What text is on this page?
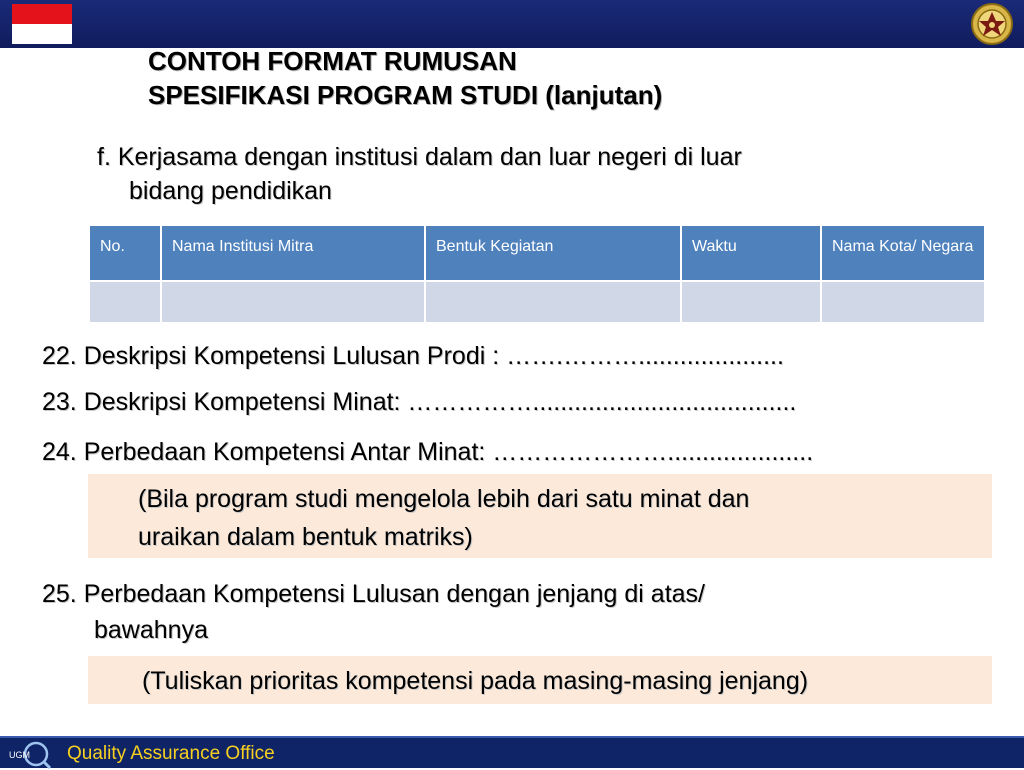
CONTOH FORMAT RUMUSAN
SPESIFIKASI PROGRAM STUDI (lanjutan)
f. Kerjasama dengan institusi dalam dan luar negeri di luar
bidang pendidikan
No.	Nama Institusi Mitra	Bentuk Kegiatan	Waktu	Nama Kota/ Negara

22. Deskripsi Kompetensi Lulusan Prodi : …….……….....................
23. Deskripsi Kompetensi Minat: ……………......................................
24. Perbedaan Kompetensi Antar Minat: ………………….....................
(Bila program studi mengelola lebih dari satu minat dan
uraikan dalam bentuk matriks)
25. Perbedaan Kompetensi Lulusan dengan jenjang di atas/
bawahnya
(Tuliskan prioritas kompetensi pada masing-masing jenjang)
UGM Quality Assurance Office
